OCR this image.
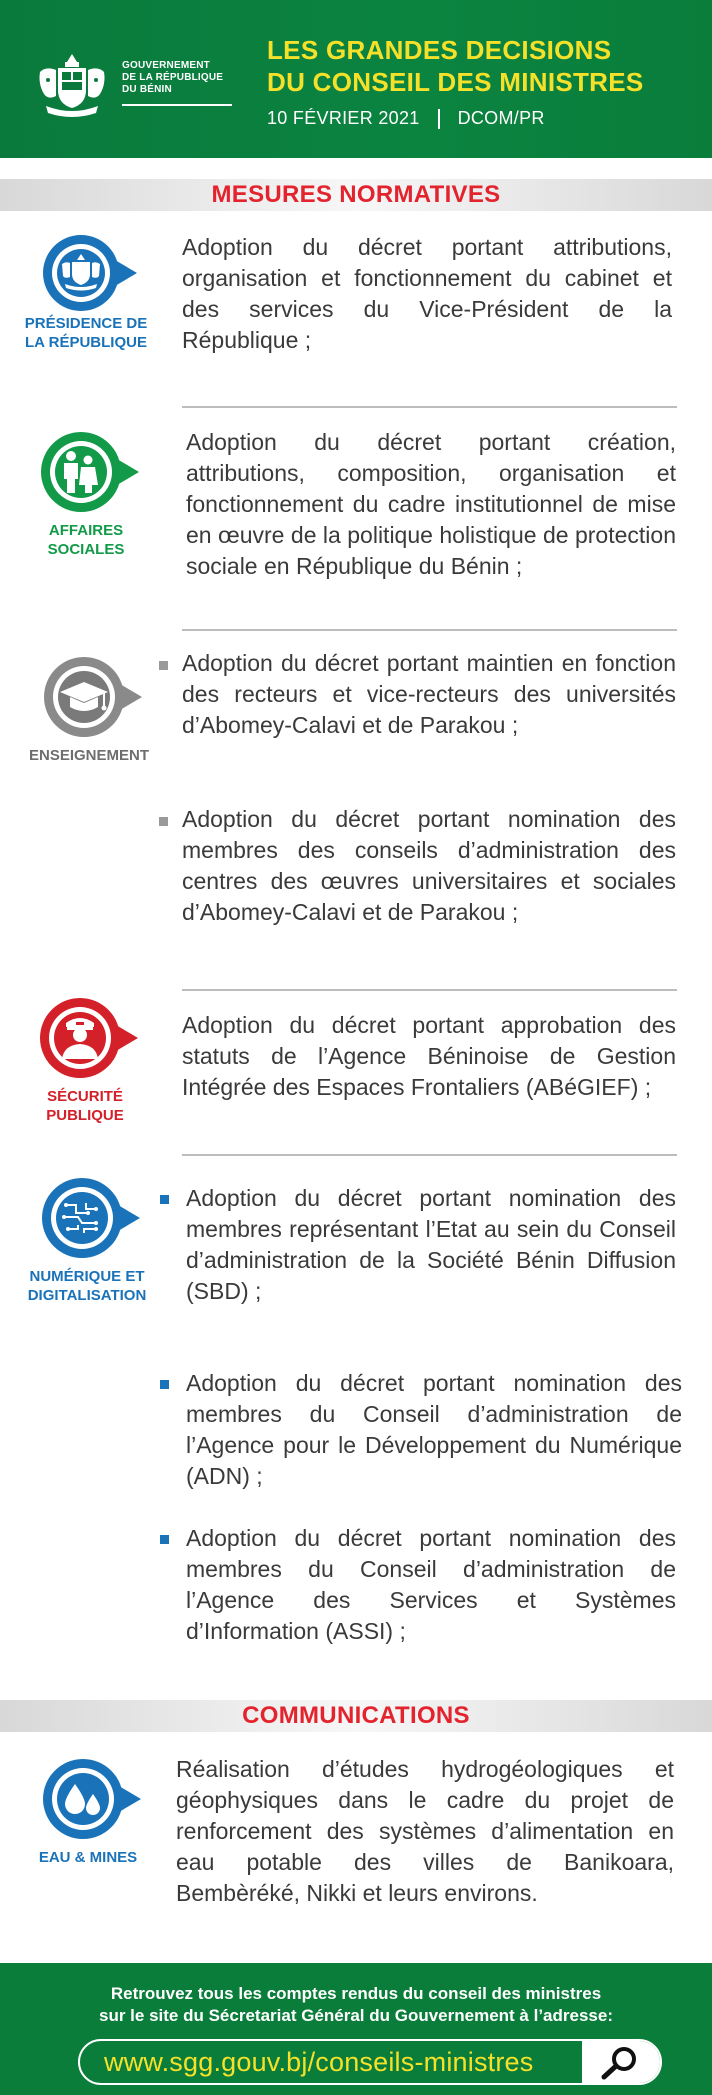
GOUVERNEMENT
DE LA RÉPUBLIQUE
DU BÉNIN
LES GRANDES DECISIONS
DU CONSEIL DES MINISTRES
10 FÉVRIER 2021 DCOM/PR
MESURES NORMATIVES
PRÉSIDENCE DE
LA RÉPUBLIQUE
Adoption du décret portant attributions, organisation et fonctionnement du cabinet et des services du Vice-Président de la République ;
AFFAIRES
SOCIALES
Adoption du décret portant création, attributions, composition, organisation et fonctionnement du cadre institutionnel de mise en œuvre de la politique holistique de protection sociale en République du Bénin ;
ENSEIGNEMENT
Adoption du décret portant maintien en fonction des recteurs et vice-recteurs des universités d’Abomey-Calavi et de Parakou ;
Adoption du décret portant nomination des membres des conseils d’administration des centres des œuvres universitaires et sociales d’Abomey-Calavi et de Parakou ;
SÉCURITÉ
PUBLIQUE
Adoption du décret portant approbation des statuts de l’Agence Béninoise de Gestion Intégrée des Espaces Frontaliers (ABéGIEF) ;
NUMÉRIQUE ET
DIGITALISATION
Adoption du décret portant nomination des membres représentant l’Etat au sein du Conseil d’administration de la Société Bénin Diffusion (SBD) ;
Adoption du décret portant nomination des membres du Conseil d’administration de l’Agence pour le Développement du Numérique (ADN) ;
Adoption du décret portant nomination des membres du Conseil d’administration de l’Agence des Services et Systèmes d’Information (ASSI) ;
COMMUNICATIONS
EAU & MINES
Réalisation d’études hydrogéologiques et géophysiques dans le cadre du projet de renforcement des systèmes d’alimentation en eau potable des villes de Banikoara, Bembèréké, Nikki et leurs environs.
Retrouvez tous les comptes rendus du conseil des ministres
sur le site du Sécretariat Général du Gouvernement à l’adresse:
www.sgg.gouv.bj/conseils-ministres
